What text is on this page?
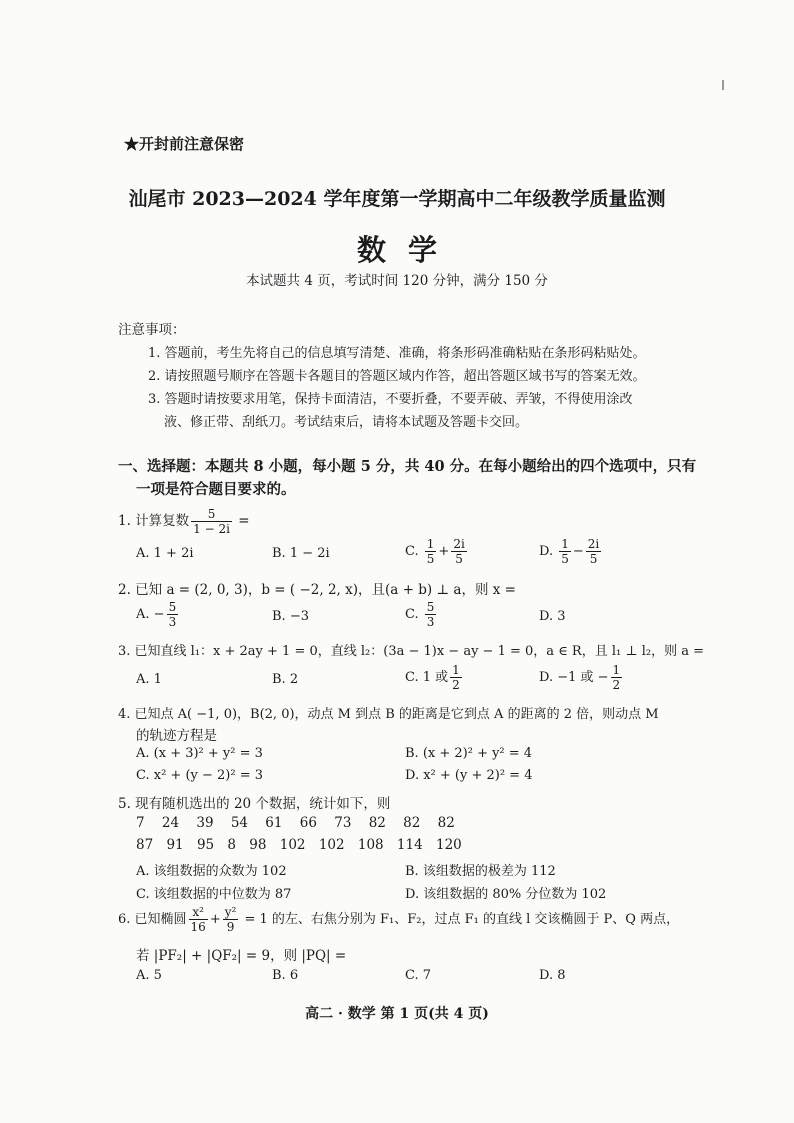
★开封前注意保密
汕尾市 2023—2024 学年度第一学期高中二年级教学质量监测
数学
本试题共 4 页，考试时间 120 分钟，满分 150 分
注意事项：
1. 答题前，考生先将自己的信息填写清楚、准确，将条形码准确粘贴在条形码粘贴处。
2. 请按照题号顺序在答题卡各题目的答题区域内作答，超出答题区域书写的答案无效。
3. 答题时请按要求用笔，保持卡面清洁，不要折叠，不要弄破、弄皱，不得使用涂改
液、修正带、刮纸刀。考试结束后，请将本试题及答题卡交回。
一、选择题：本题共 8 小题，每小题 5 分，共 40 分。在每小题给出的四个选项中，只有
一项是符合题目要求的。
1. 计算复数 $\frac{5}{1 - 2i}$ =
A. 1 + 2i	B. 1 − 2i	C. $\frac{1}{5} + \frac{2i}{5}$	D. $\frac{1}{5} - \frac{2i}{5}$
2. 已知 a = (2, 0, 3)，b = ( −2, 2, x)，且(a + b) ⊥ a，则 x =
A. − $\frac{5}{3}$	B. −3	C. $\frac{5}{3}$	D. 3
3. 已知直线 l₁：x + 2ay + 1 = 0，直线 l₂：(3a − 1)x − ay − 1 = 0，a ∈ R，且 l₁ ⊥ l₂，则 a =
A. 1	B. 2	C. 1 或 $\frac{1}{2}$	D. −1 或 − $\frac{1}{2}$
4. 已知点 A( −1, 0)，B(2, 0)，动点 M 到点 B 的距离是它到点 A 的距离的 2 倍，则动点 M
的轨迹方程是
A. (x + 3)² + y² = 3	B. (x + 2)² + y² = 4
C. x² + (y − 2)² = 3	D. x² + (y + 2)² = 4
5. 现有随机选出的 20 个数据，统计如下，则
7 24 39 54 61 66 73 82 82 82
87 91 95 8 98 102 102 108 114 120
A. 该组数据的众数为 102	B. 该组数据的极差为 112
C. 该组数据的中位数为 87	D. 该组数据的 80% 分位数为 102
6. 已知椭圆 $\frac{\text{x²}}{16} + \frac{\text{y²}}{9} = 1$ 的左、右焦分别为 F₁、F₂，过点 F₁ 的直线 l 交该椭圆于 P、Q 两点，
若 |PF₂| + |QF₂| = 9，则 |PQ| =
A. 5	B. 6	C. 7	D. 8
高二 · 数学 第 1 页(共 4 页)
